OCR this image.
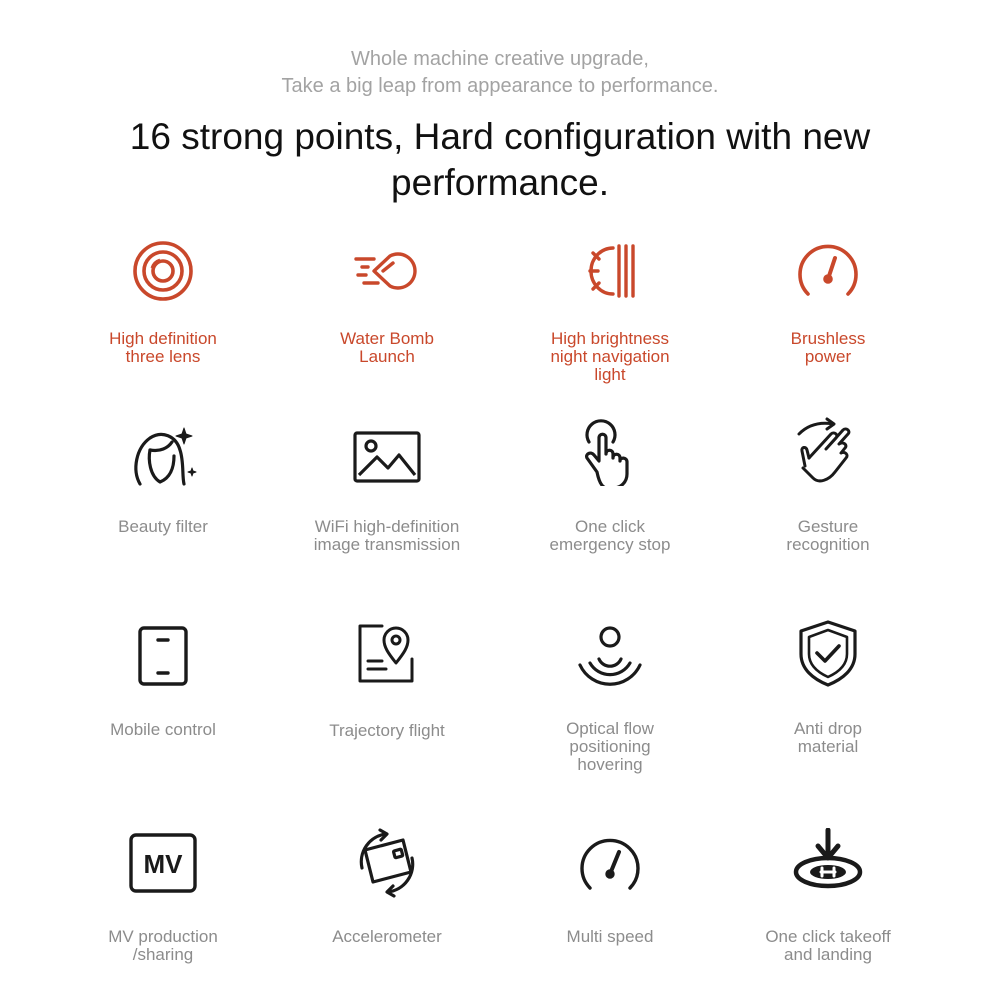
Whole machine creative upgrade,
Take a big leap from appearance to performance.
16 strong points, Hard configuration with new performance.
High definition
three lens
Water Bomb
Launch
High brightness
night navigation
light
Brushless
power
Beauty filter	WiFi high-definition
image transmission
One click
emergency stop
Gesture
recognition
Mobile control	Trajectory flight	Optical flow
positioning
hovering
Anti drop
material
MV
MV production
/sharing
Accelerometer	Multi speed	One click takeoff
and landing
